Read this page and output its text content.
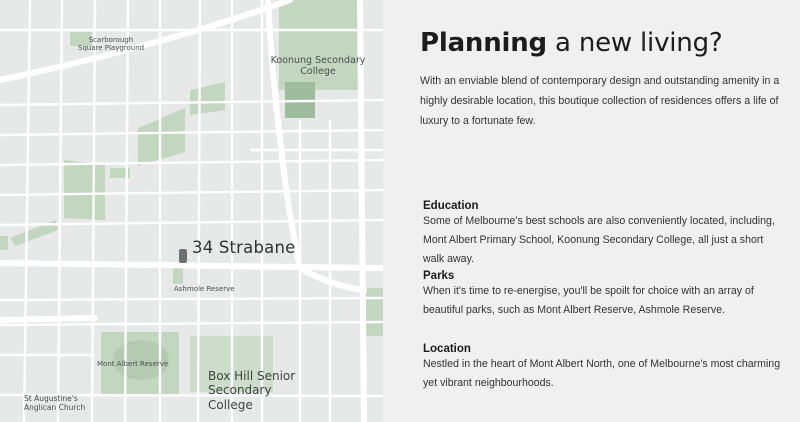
Scarborough Square Playground
Koonung Secondary College
34 Strabane
Ashmole Reserve
Mont Albert Reserve
Box Hill Senior Secondary College
St Augustine's Anglican Church
Planning a new living?

With an enviable blend of contemporary design and outstanding amenity in a highly desirable location, this boutique collection of residences offers a life of luxury to a fortunate few.

Education

Some of Melbourne's best schools are also conveniently located, including, Mont Albert Primary School, Koonung Secondary College, all just a short walk away.

Parks

When it's time to re-energise, you'll be spoilt for choice with an array of beautiful parks, such as Mont Albert Reserve, Ashmole Reserve.

Location

Nestled in the heart of Mont Albert North, one of Melbourne's most charming yet vibrant neighbourhoods.
